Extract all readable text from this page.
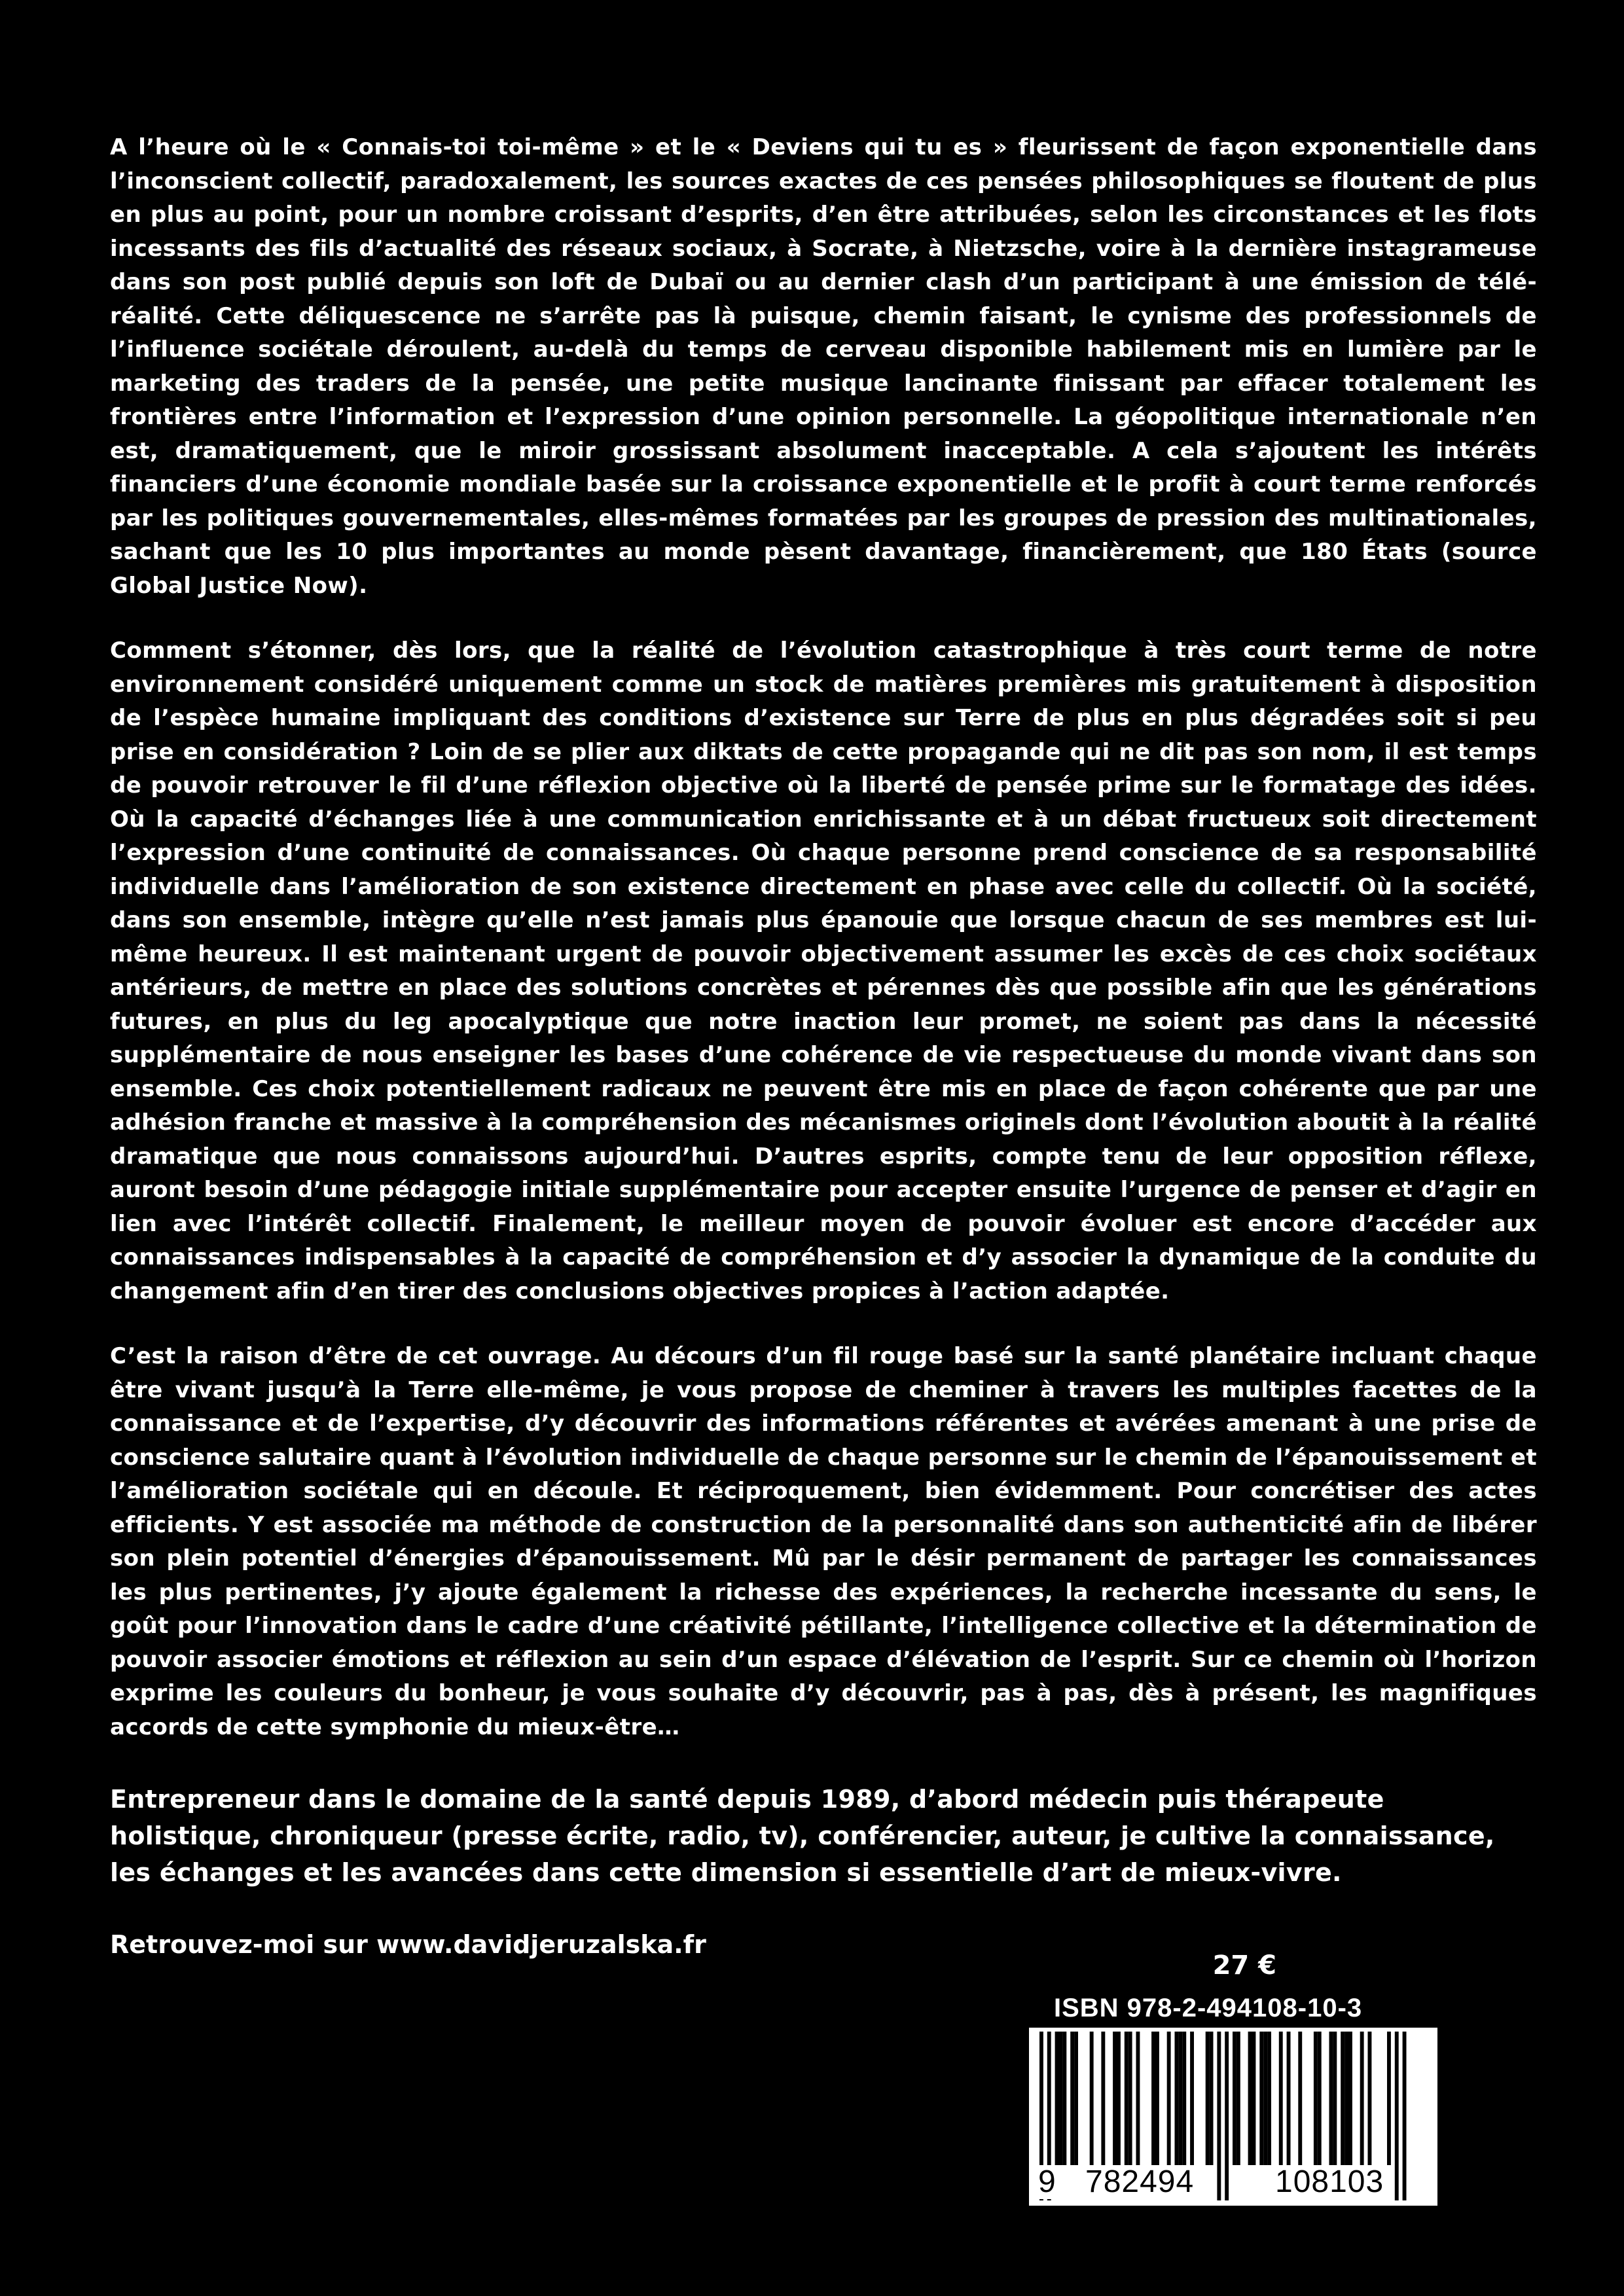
A l’heure où le « Connais-toi toi-même » et le « Deviens qui tu es » fleurissent de façon exponentielle dans l’inconscient collectif, paradoxalement, les sources exactes de ces pensées philosophiques se floutent de plus en plus au point, pour un nombre croissant d’esprits, d’en être attribuées, selon les circonstances et les flots incessants des fils d’actualité des réseaux sociaux, à Socrate, à Nietzsche, voire à la dernière instagrameuse dans son post publié depuis son loft de Dubaï ou au dernier clash d’un participant à une émission de télé-réalité. Cette déliquescence ne s’arrête pas là puisque, chemin faisant, le cynisme des professionnels de l’influence sociétale déroulent, au-delà du temps de cerveau disponible habilement mis en lumière par le marketing des traders de la pensée, une petite musique lancinante finissant par effacer totalement les frontières entre l’information et l’expression d’une opinion personnelle. La géopolitique internationale n’en est, dramatiquement, que le miroir grossissant absolument inacceptable. A cela s’ajoutent les intérêts financiers d’une économie mondiale basée sur la croissance exponentielle et le profit à court terme renforcés par les politiques gouvernementales, elles-mêmes formatées par les groupes de pression des multinationales, sachant que les 10 plus importantes au monde pèsent davantage, financièrement, que 180 États (source Global Justice Now).

Comment s’étonner, dès lors, que la réalité de l’évolution catastrophique à très court terme de notre environnement considéré uniquement comme un stock de matières premières mis gratuitement à disposition de l’espèce humaine impliquant des conditions d’existence sur Terre de plus en plus dégradées soit si peu prise en considération ? Loin de se plier aux diktats de cette propagande qui ne dit pas son nom, il est temps de pouvoir retrouver le fil d’une réflexion objective où la liberté de pensée prime sur le formatage des idées. Où la capacité d’échanges liée à une communication enrichissante et à un débat fructueux soit directement l’expression d’une continuité de connaissances. Où chaque personne prend conscience de sa responsabilité individuelle dans l’amélioration de son existence directement en phase avec celle du collectif. Où la société, dans son ensemble, intègre qu’elle n’est jamais plus épanouie que lorsque chacun de ses membres est lui-même heureux. Il est maintenant urgent de pouvoir objectivement assumer les excès de ces choix sociétaux antérieurs, de mettre en place des solutions concrètes et pérennes dès que possible afin que les générations futures, en plus du leg apocalyptique que notre inaction leur promet, ne soient pas dans la nécessité supplémentaire de nous enseigner les bases d’une cohérence de vie respectueuse du monde vivant dans son ensemble. Ces choix potentiellement radicaux ne peuvent être mis en place de façon cohérente que par une adhésion franche et massive à la compréhension des mécanismes originels dont l’évolution aboutit à la réalité dramatique que nous connaissons aujourd’hui. D’autres esprits, compte tenu de leur opposition réflexe, auront besoin d’une pédagogie initiale supplémentaire pour accepter ensuite l’urgence de penser et d’agir en lien avec l’intérêt collectif. Finalement, le meilleur moyen de pouvoir évoluer est encore d’accéder aux connaissances indispensables à la capacité de compréhension et d’y associer la dynamique de la conduite du changement afin d’en tirer des conclusions objectives propices à l’action adaptée.

C’est la raison d’être de cet ouvrage. Au décours d’un fil rouge basé sur la santé planétaire incluant chaque être vivant jusqu’à la Terre elle-même, je vous propose de cheminer à travers les multiples facettes de la connaissance et de l’expertise, d’y découvrir des informations référentes et avérées amenant à une prise de conscience salutaire quant à l’évolution individuelle de chaque personne sur le chemin de l’épanouissement et l’amélioration sociétale qui en découle. Et réciproquement, bien évidemment. Pour concrétiser des actes efficients. Y est associée ma méthode de construction de la personnalité dans son authenticité afin de libérer son plein potentiel d’énergies d’épanouissement. Mû par le désir permanent de partager les connaissances les plus pertinentes, j’y ajoute également la richesse des expériences, la recherche incessante du sens, le goût pour l’innovation dans le cadre d’une créativité pétillante, l’intelligence collective et la détermination de pouvoir associer émotions et réflexion au sein d’un espace d’élévation de l’esprit. Sur ce chemin où l’horizon exprime les couleurs du bonheur, je vous souhaite d’y découvrir, pas à pas, dès à présent, les magnifiques accords de cette symphonie du mieux-être…

Entrepreneur dans le domaine de la santé depuis 1989, d’abord médecin puis thérapeute holistique, chroniqueur (presse écrite, radio, tv), conférencier, auteur, je cultive la connaissance, les échanges et les avancées dans cette dimension si essentielle d’art de mieux-vivre.

Retrouvez-moi sur www.davidjeruzalska.fr

27 €
ISBN 978-2-494108-10-3
9 782494	108103
